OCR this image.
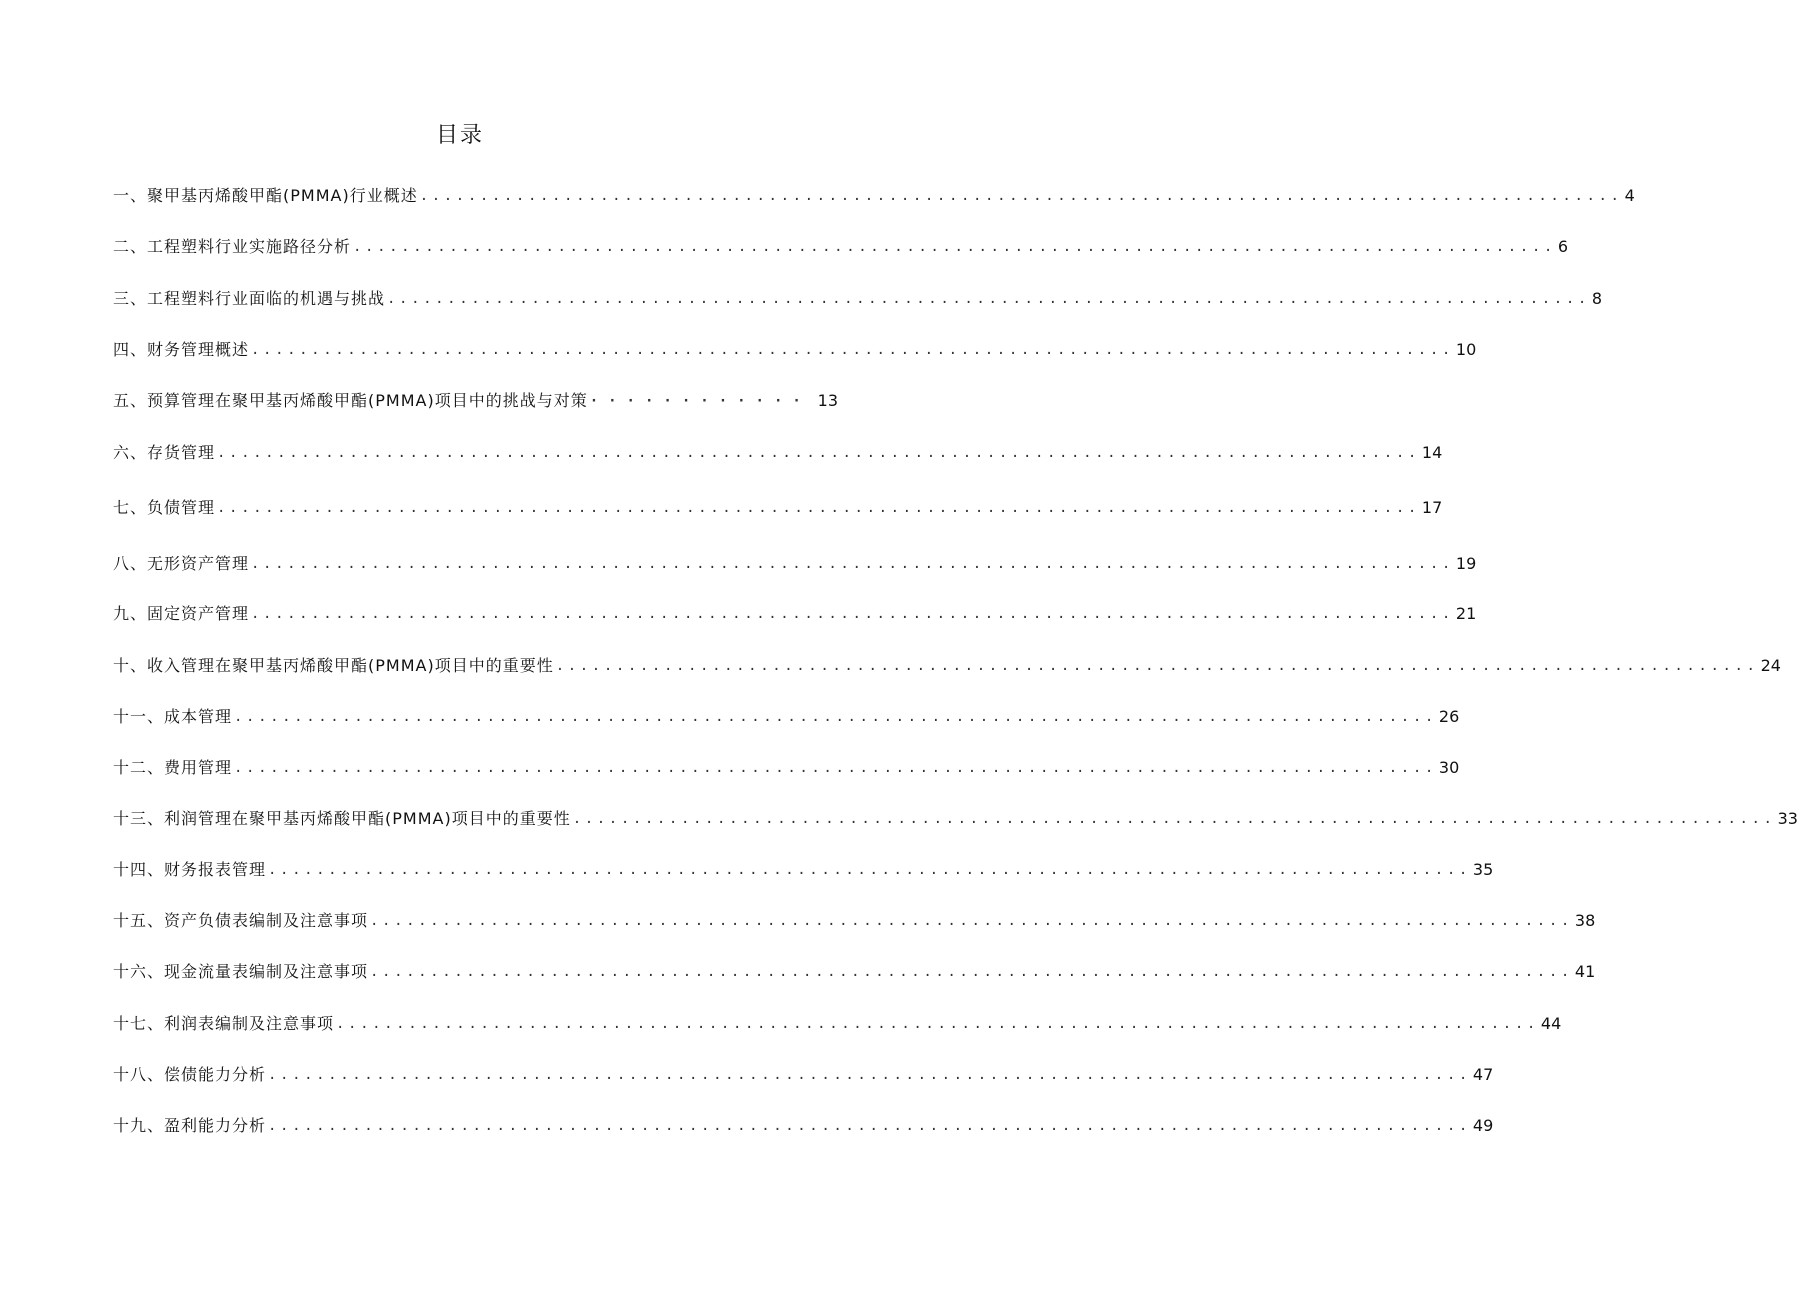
目录
一、聚甲基丙烯酸甲酯(PMMA)行业概述 .................................................................................................... 4
二、工程塑料行业实施路径分析 .................................................................................................... 6
三、工程塑料行业面临的机遇与挑战 .................................................................................................... 8
四、财务管理概述 .................................................................................................... 10
五、预算管理在聚甲基丙烯酸甲酯(PMMA)项目中的挑战与对策 ············ 13
六、存货管理 .................................................................................................... 14
七、负债管理 .................................................................................................... 17
八、无形资产管理 .................................................................................................... 19
九、固定资产管理 .................................................................................................... 21
十、收入管理在聚甲基丙烯酸甲酯(PMMA)项目中的重要性 .................................................................................................... 24
十一、成本管理 .................................................................................................... 26
十二、费用管理 .................................................................................................... 30
十三、利润管理在聚甲基丙烯酸甲酯(PMMA)项目中的重要性 .................................................................................................... 33
十四、财务报表管理 .................................................................................................... 35
十五、资产负债表编制及注意事项 .................................................................................................... 38
十六、现金流量表编制及注意事项 .................................................................................................... 41
十七、利润表编制及注意事项 .................................................................................................... 44
十八、偿债能力分析 .................................................................................................... 47
十九、盈利能力分析 .................................................................................................... 49
